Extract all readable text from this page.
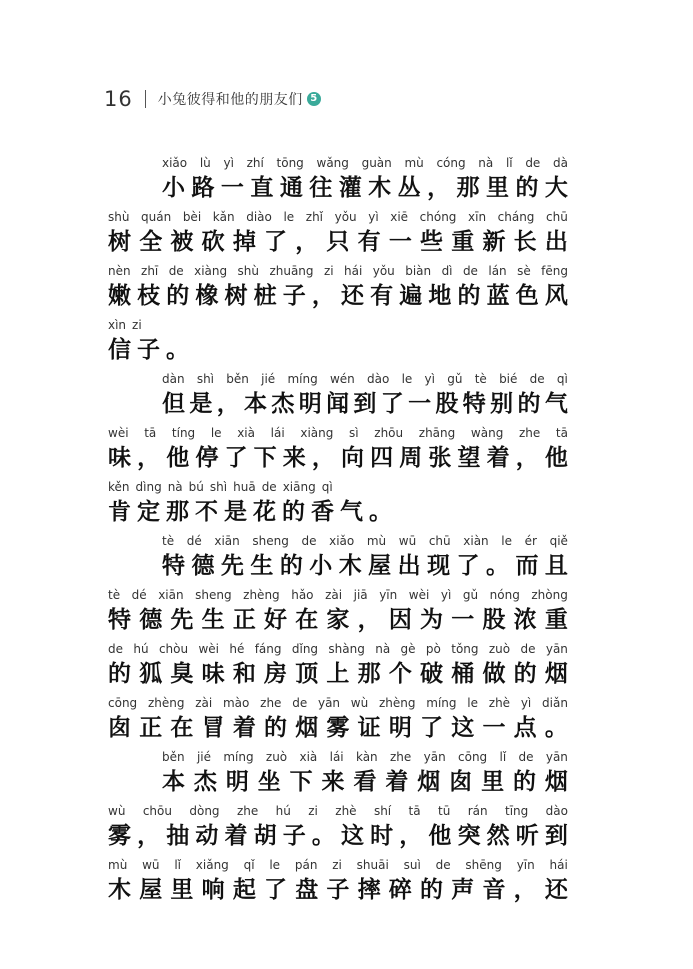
16 小兔彼得和他的朋友们 5
xiǎo lù yì zhí tōng wǎng guàn mù cóng nà lǐ de dà
小 路 一 直 通 往 灌 木 丛 ， 那 里 的 大
shù quán bèi kǎn diào le zhǐ yǒu yì xiē chóng xīn cháng chū
树 全 被 砍 掉 了 ， 只 有 一 些 重 新 长 出
nèn zhī de xiàng shù zhuāng zi hái yǒu biàn dì de lán sè fēng
嫩 枝 的 橡 树 桩 子 ， 还 有 遍 地 的 蓝 色 风
xìn zi
信 子 。
dàn shì běn jié míng wén dào le yì gǔ tè bié de qì
但 是 ， 本 杰 明 闻 到 了 一 股 特 别 的 气
wèi tā tíng le xià lái xiàng sì zhōu zhāng wàng zhe tā
味 ， 他 停 了 下 来 ， 向 四 周 张 望 着 ， 他
kěn dìng nà bú shì huā de xiāng qì
肯 定 那 不 是 花 的 香 气 。
tè dé xiān sheng de xiǎo mù wū chū xiàn le ér qiě
特 德 先 生 的 小 木 屋 出 现 了 。 而 且
tè dé xiān sheng zhèng hǎo zài jiā yīn wèi yì gǔ nóng zhòng
特 德 先 生 正 好 在 家 ， 因 为 一 股 浓 重
de hú chòu wèi hé fáng dǐng shàng nà gè pò tǒng zuò de yān
的 狐 臭 味 和 房 顶 上 那 个 破 桶 做 的 烟
cōng zhèng zài mào zhe de yān wù zhèng míng le zhè yì diǎn
囱 正 在 冒 着 的 烟 雾 证 明 了 这 一 点 。
běn jié míng zuò xià lái kàn zhe yān cōng lǐ de yān
本 杰 明 坐 下 来 看 着 烟 囱 里 的 烟
wù chōu dòng zhe hú zi zhè shí tā tū rán tīng dào
雾 ， 抽 动 着 胡 子 。 这 时 ， 他 突 然 听 到
mù wū lǐ xiǎng qǐ le pán zi shuāi suì de shēng yīn hái
木 屋 里 响 起 了 盘 子 摔 碎 的 声 音 ， 还
